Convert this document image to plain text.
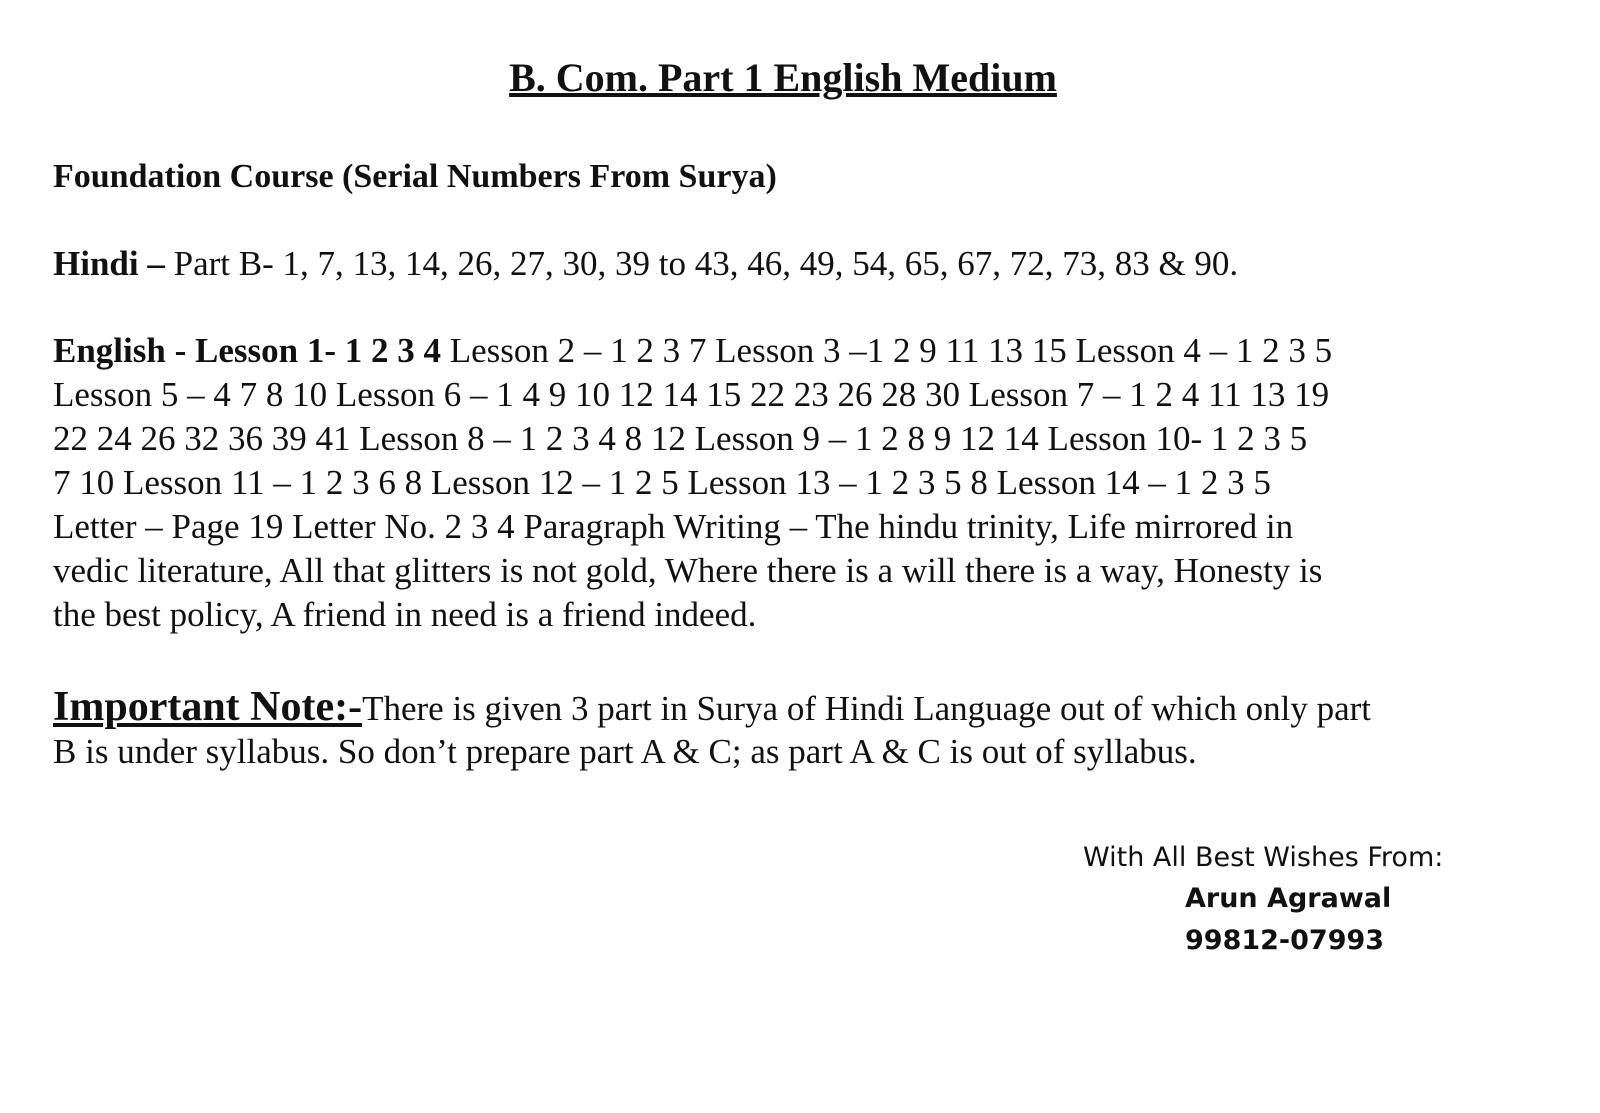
B. Com. Part 1 English Medium

Foundation Course (Serial Numbers From Surya)

Hindi – Part B- 1, 7, 13, 14, 26, 27, 30, 39 to 43, 46, 49, 54, 65, 67, 72, 73, 83 & 90.

English - Lesson 1- 1 2 3 4 Lesson 2 – 1 2 3 7 Lesson 3 –1 2 9 11 13 15 Lesson 4 – 1 2 3 5

Lesson 5 – 4 7 8 10 Lesson 6 – 1 4 9 10 12 14 15 22 23 26 28 30 Lesson 7 – 1 2 4 11 13 19

22 24 26 32 36 39 41 Lesson 8 – 1 2 3 4 8 12 Lesson 9 – 1 2 8 9 12 14 Lesson 10- 1 2 3 5

7 10 Lesson 11 – 1 2 3 6 8 Lesson 12 – 1 2 5 Lesson 13 – 1 2 3 5 8 Lesson 14 – 1 2 3 5

Letter – Page 19 Letter No. 2 3 4 Paragraph Writing – The hindu trinity, Life mirrored in

vedic literature, All that glitters is not gold, Where there is a will there is a way, Honesty is

the best policy, A friend in need is a friend indeed.

Important Note:-There is given 3 part in Surya of Hindi Language out of which only part

B is under syllabus. So don’t prepare part A & C; as part A & C is out of syllabus.

With All Best Wishes From:

Arun Agrawal

99812-07993
